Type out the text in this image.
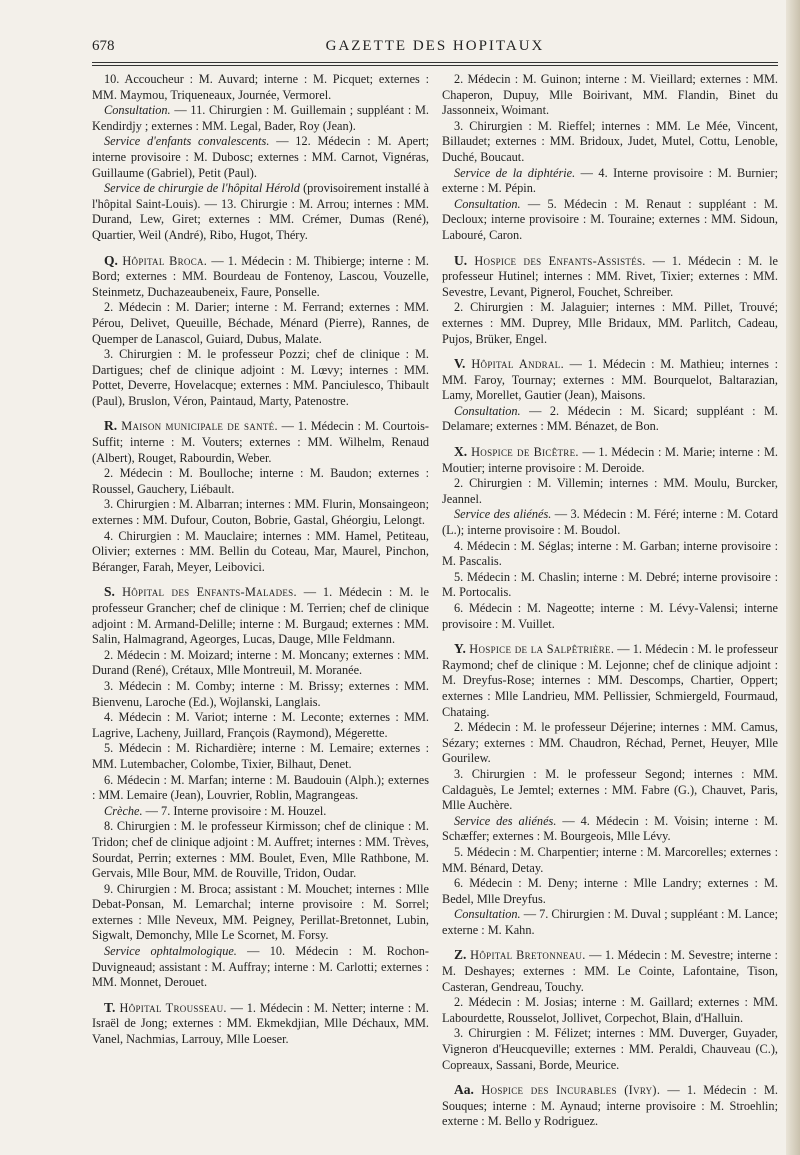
678	GAZETTE DES HOPITAUX

10. Accoucheur : M. Auvard; interne : M. Picquet; externes : MM. Maymou, Triqueneaux, Journée, Vermorel.

Consultation. — 11. Chirurgien : M. Guillemain ; suppléant : M. Kendirdjy ; externes : MM. Legal, Bader, Roy (Jean).

Service d'enfants convalescents. — 12. Médecin : M. Apert; interne provisoire : M. Dubosc; externes : MM. Carnot, Vignéras, Guillaume (Gabriel), Petit (Paul).

Service de chirurgie de l'hôpital Hérold (provisoirement installé à l'hôpital Saint-Louis). — 13. Chirurgie : M. Arrou; internes : MM. Durand, Lew, Giret; externes : MM. Crémer, Dumas (René), Quartier, Weil (André), Ribo, Hugot, Théry.

Q. Hôpital Broca. — 1. Médecin : M. Thibierge; interne : M. Bord; externes : MM. Bourdeau de Fontenoy, Lascou, Vouzelle, Steinmetz, Duchazeaubeneix, Faure, Ponselle.

2. Médecin : M. Darier; interne : M. Ferrand; externes : MM. Pérou, Delivet, Queuille, Béchade, Ménard (Pierre), Rannes, de Quemper de Lanascol, Guiard, Dubus, Malate.

3. Chirurgien : M. le professeur Pozzi; chef de clinique : M. Dartigues; chef de clinique adjoint : M. Lœvy; internes : MM. Pottet, Deverre, Hovelacque; externes : MM. Panciulesco, Thibault (Paul), Bruslon, Véron, Paintaud, Marty, Patenostre.

R. Maison municipale de santé. — 1. Médecin : M. Courtois-Suffit; interne : M. Vouters; externes : MM. Wilhelm, Renaud (Albert), Rouget, Rabourdin, Weber.

2. Médecin : M. Boulloche; interne : M. Baudon; externes : Roussel, Gauchery, Liébault.

3. Chirurgien : M. Albarran; internes : MM. Flurin, Monsaingeon; externes : MM. Dufour, Couton, Bobrie, Gastal, Ghéorgiu, Lelongt.

4. Chirurgien : M. Mauclaire; internes : MM. Hamel, Petiteau, Olivier; externes : MM. Bellin du Coteau, Mar, Maurel, Pinchon, Béranger, Farah, Meyer, Leibovici.

S. Hôpital des Enfants-Malades. — 1. Médecin : M. le professeur Grancher; chef de clinique : M. Terrien; chef de clinique adjoint : M. Armand-Delille; interne : M. Burgaud; externes : MM. Salin, Halmagrand, Ageorges, Lucas, Dauge, Mlle Feldmann.

2. Médecin : M. Moizard; interne : M. Moncany; externes : MM. Durand (René), Crétaux, Mlle Montreuil, M. Moranée.

3. Médecin : M. Comby; interne : M. Brissy; externes : MM. Bienvenu, Laroche (Ed.), Wojlanski, Langlais.

4. Médecin : M. Variot; interne : M. Leconte; externes : MM. Lagrive, Lacheny, Juillard, François (Raymond), Mégerette.

5. Médecin : M. Richardière; interne : M. Lemaire; externes : MM. Lutembacher, Colombe, Tixier, Bilhaut, Denet.

6. Médecin : M. Marfan; interne : M. Baudouin (Alph.); externes : MM. Lemaire (Jean), Louvrier, Roblin, Magrangeas.

Crèche. — 7. Interne provisoire : M. Houzel.

8. Chirurgien : M. le professeur Kirmisson; chef de clinique : M. Tridon; chef de clinique adjoint : M. Auffret; internes : MM. Trèves, Sourdat, Perrin; externes : MM. Boulet, Even, Mlle Rathbone, M. Gervais, Mlle Bour, MM. de Rouville, Tridon, Oudar.

9. Chirurgien : M. Broca; assistant : M. Mouchet; internes : Mlle Debat-Ponsan, M. Lemarchal; interne provisoire : M. Sorrel; externes : Mlle Neveux, MM. Peigney, Perillat-Bretonnet, Lubin, Sigwalt, Demonchy, Mlle Le Scornet, M. Forsy.

Service ophtalmologique. — 10. Médecin : M. Rochon-Duvigneaud; assistant : M. Auffray; interne : M. Carlotti; externes : MM. Monnet, Derouet.

T. Hôpital Trousseau. — 1. Médecin : M. Netter; interne : M. Israël de Jong; externes : MM. Ekmekdjian, Mlle Déchaux, MM. Vanel, Nachmias, Larrouy, Mlle Loeser.

2. Médecin : M. Guinon; interne : M. Vieillard; externes : MM. Chaperon, Dupuy, Mlle Boirivant, MM. Flandin, Binet du Jassonneix, Woimant.

3. Chirurgien : M. Rieffel; internes : MM. Le Mée, Vincent, Billaudet; externes : MM. Bridoux, Judet, Mutel, Cottu, Lenoble, Duché, Boucaut.

Service de la diphtérie. — 4. Interne provisoire : M. Burnier; externe : M. Pépin.

Consultation. — 5. Médecin : M. Renaut : suppléant : M. Decloux; interne provisoire : M. Touraine; externes : MM. Sidoun, Labouré, Caron.

U. Hospice des Enfants-Assistés. — 1. Médecin : M. le professeur Hutinel; internes : MM. Rivet, Tixier; externes : MM. Sevestre, Levant, Pignerol, Fouchet, Schreiber.

2. Chirurgien : M. Jalaguier; internes : MM. Pillet, Trouvé; externes : MM. Duprey, Mlle Bridaux, MM. Parlitch, Cadeau, Pujos, Brüker, Engel.

V. Hôpital Andral. — 1. Médecin : M. Mathieu; internes : MM. Faroy, Tournay; externes : MM. Bourquelot, Baltarazian, Lamy, Morellet, Gautier (Jean), Maisons.

Consultation. — 2. Médecin : M. Sicard; suppléant : M. Delamare; externes : MM. Bénazet, de Bon.

X. Hospice de Bicêtre. — 1. Médecin : M. Marie; interne : M. Moutier; interne provisoire : M. Deroide.

2. Chirurgien : M. Villemin; internes : MM. Moulu, Burcker, Jeannel.

Service des aliénés. — 3. Médecin : M. Féré; interne : M. Cotard (L.); interne provisoire : M. Boudol.

4. Médecin : M. Séglas; interne : M. Garban; interne provisoire : M. Pascalis.

5. Médecin : M. Chaslin; interne : M. Debré; interne provisoire : M. Portocalis.

6. Médecin : M. Nageotte; interne : M. Lévy-Valensi; interne provisoire : M. Vuillet.

Y. Hospice de la Salpêtrière. — 1. Médecin : M. le professeur Raymond; chef de clinique : M. Lejonne; chef de clinique adjoint : M. Dreyfus-Rose; internes : MM. Descomps, Chartier, Oppert; externes : Mlle Landrieu, MM. Pellissier, Schmiergeld, Fourmaud, Chataing.

2. Médecin : M. le professeur Déjerine; internes : MM. Camus, Sézary; externes : MM. Chaudron, Réchad, Pernet, Heuyer, Mlle Gourilew.

3. Chirurgien : M. le professeur Segond; internes : MM. Caldaguès, Le Jemtel; externes : MM. Fabre (G.), Chauvet, Paris, Mlle Auchère.

Service des aliénés. — 4. Médecin : M. Voisin; interne : M. Schæffer; externes : M. Bourgeois, Mlle Lévy.

5. Médecin : M. Charpentier; interne : M. Marcorelles; externes : MM. Bénard, Detay.

6. Médecin : M. Deny; interne : Mlle Landry; externes : M. Bedel, Mlle Dreyfus.

Consultation. — 7. Chirurgien : M. Duval ; suppléant : M. Lance; externe : M. Kahn.

Z. Hôpital Bretonneau. — 1. Médecin : M. Sevestre; interne : M. Deshayes; externes : MM. Le Cointe, Lafontaine, Tison, Casteran, Gendreau, Touchy.

2. Médecin : M. Josias; interne : M. Gaillard; externes : MM. Labourdette, Rousselot, Jollivet, Corpechot, Blain, d'Halluin.

3. Chirurgien : M. Félizet; internes : MM. Duverger, Guyader, Vigneron d'Heucqueville; externes : MM. Peraldi, Chauveau (C.), Copreaux, Sassani, Borde, Meurice.

Aa. Hospice des Incurables (Ivry). — 1. Médecin : M. Souques; interne : M. Aynaud; interne provisoire : M. Stroehlin; externe : M. Bello y Rodriguez.
